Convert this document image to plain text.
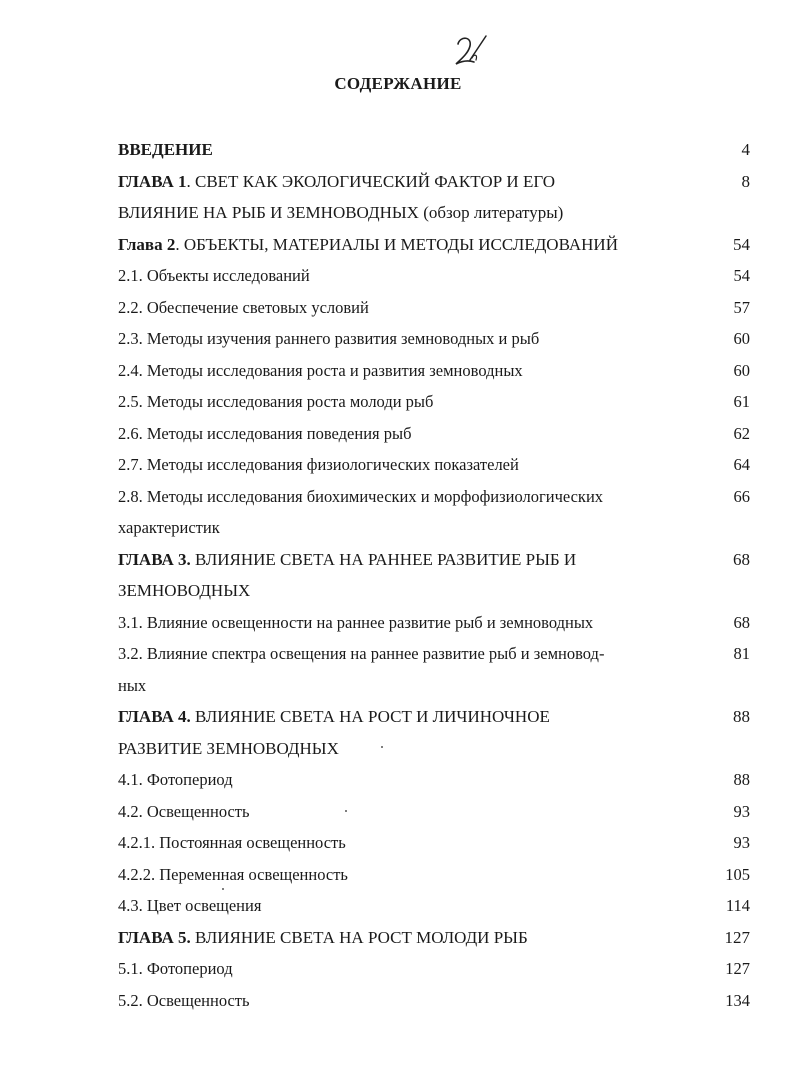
СОДЕРЖАНИЕ
ВВЕДЕНИЕ	4
ГЛАВА 1. СВЕТ КАК ЭКОЛОГИЧЕСКИЙ ФАКТОР И ЕГО	8
ВЛИЯНИЕ НА РЫБ И ЗЕМНОВОДНЫХ (обзор литературы)
Глава 2. ОБЪЕКТЫ, МАТЕРИАЛЫ И МЕТОДЫ ИССЛЕДОВАНИЙ	54
2.1. Объекты исследований	54
2.2. Обеспечение световых условий	57
2.3. Методы изучения раннего развития земноводных и рыб	60
2.4. Методы исследования роста и развития земноводных	60
2.5. Методы исследования роста молоди рыб	61
2.6. Методы исследования поведения рыб	62
2.7. Методы исследования физиологических показателей	64
2.8. Методы исследования биохимических и морфофизиологических	66
характеристик
ГЛАВА 3. ВЛИЯНИЕ СВЕТА НА РАННЕЕ РАЗВИТИЕ РЫБ И	68
ЗЕМНОВОДНЫХ
3.1. Влияние освещенности на раннее развитие рыб и земноводных	68
3.2. Влияние спектра освещения на раннее развитие рыб и земновод-	81
ных
ГЛАВА 4. ВЛИЯНИЕ СВЕТА НА РОСТ И ЛИЧИНОЧНОЕ	88
РАЗВИТИЕ ЗЕМНОВОДНЫХ
4.1. Фотопериод	88
4.2. Освещенность	93
4.2.1. Постоянная освещенность	93
4.2.2. Переменная освещенность	105
4.3. Цвет освещения	114
ГЛАВА 5. ВЛИЯНИЕ СВЕТА НА РОСТ МОЛОДИ РЫБ	127
5.1. Фотопериод	127
5.2. Освещенность	134
